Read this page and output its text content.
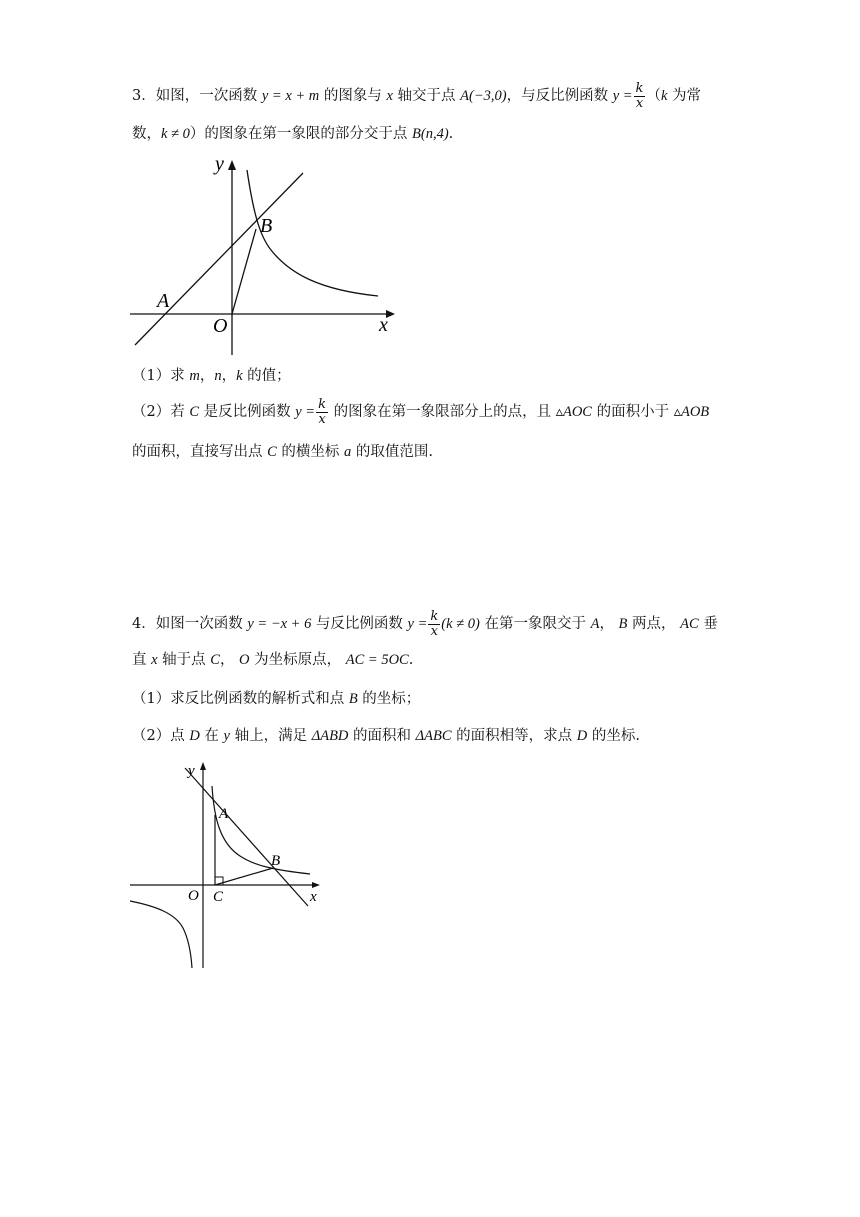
3．如图，一次函数 y = x + m 的图象与 x 轴交于点 A(−3,0)，与反比例函数 $y = \frac{k}{x} (k$ 为常
数，k ≠ 0）的图象在第一象限的部分交于点 B(n,4).
y
x
A
B
O
（1）求 m，n，k 的值；
（2）若 C 是反比例函数 $y = \frac{k}{x}$ 的图象在第一象限部分上的点，且 ▵AOC 的面积小于 ▵AOB
的面积，直接写出点 C 的横坐标 a 的取值范围.
4．如图一次函数 y = −x + 6 与反比例函数 $y = \frac{k}{x} (k \ne 0)$ 在第一象限交于 A， B 两点， AC 垂
直 x 轴于点 C， O 为坐标原点， AC = 5OC.
（1）求反比例函数的解析式和点 B 的坐标；
（2）点 D 在 y 轴上，满足 ΔABD 的面积和 ΔABC 的面积相等，求点 D 的坐标.
y
x
A
B
O C
